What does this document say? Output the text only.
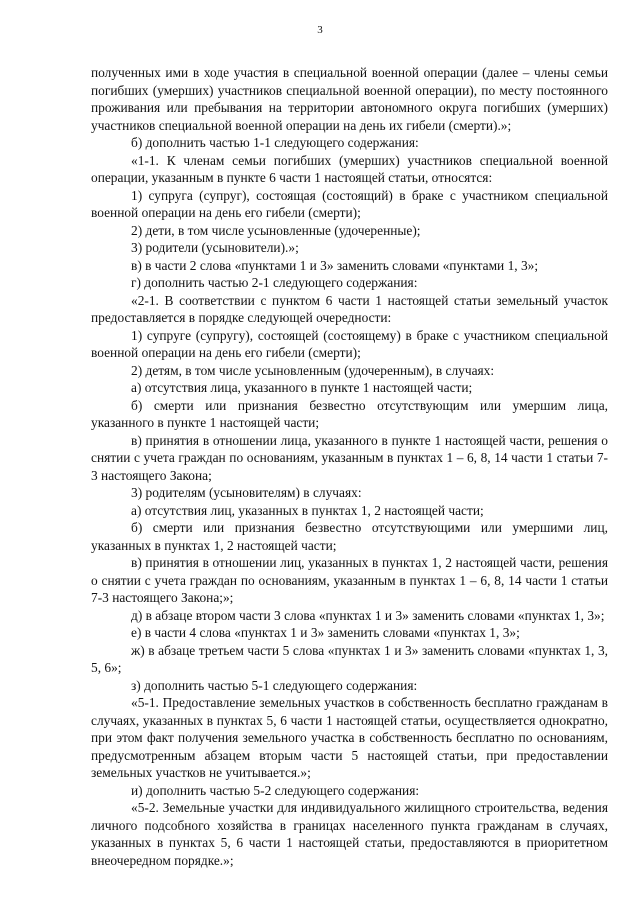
3

полученных ими в ходе участия в специальной военной операции (далее – члены семьи погибших (умерших) участников специальной военной операции), по месту постоянного проживания или пребывания на территории автономного округа погибших (умерших) участников специальной военной операции на день их гибели (смерти).»;

б) дополнить частью 1-1 следующего содержания:

«1-1. К членам семьи погибших (умерших) участников специальной военной операции, указанным в пункте 6 части 1 настоящей статьи, относятся:

1) супруга (супруг), состоящая (состоящий) в браке с участником специальной военной операции на день его гибели (смерти);

2) дети, в том числе усыновленные (удочеренные);

3) родители (усыновители).»;

в) в части 2 слова «пунктами 1 и 3» заменить словами «пунктами 1, 3»;

г) дополнить частью 2-1 следующего содержания:

«2-1. В соответствии с пунктом 6 части 1 настоящей статьи земельный участок предоставляется в порядке следующей очередности:

1) супруге (супругу), состоящей (состоящему) в браке с участником специальной военной операции на день его гибели (смерти);

2) детям, в том числе усыновленным (удочеренным), в случаях:

а) отсутствия лица, указанного в пункте 1 настоящей части;

б) смерти или признания безвестно отсутствующим или умершим лица, указанного в пункте 1 настоящей части;

в) принятия в отношении лица, указанного в пункте 1 настоящей части, решения о снятии с учета граждан по основаниям, указанным в пунктах 1 – 6, 8, 14 части 1 статьи 7-3 настоящего Закона;

3) родителям (усыновителям) в случаях:

а) отсутствия лиц, указанных в пунктах 1, 2 настоящей части;

б) смерти или признания безвестно отсутствующими или умершими лиц, указанных в пунктах 1, 2 настоящей части;

в) принятия в отношении лиц, указанных в пунктах 1, 2 настоящей части, решения о снятии с учета граждан по основаниям, указанным в пунктах 1 – 6, 8, 14 части 1 статьи 7-3 настоящего Закона;»;

д) в абзаце втором части 3 слова «пунктах 1 и 3» заменить словами «пунктах 1, 3»;

е) в части 4 слова «пунктах 1 и 3» заменить словами «пунктах 1, 3»;

ж) в абзаце третьем части 5 слова «пунктах 1 и 3» заменить словами «пунктах 1, 3, 5, 6»;

з) дополнить частью 5-1 следующего содержания:

«5-1. Предоставление земельных участков в собственность бесплатно гражданам в случаях, указанных в пунктах 5, 6 части 1 настоящей статьи, осуществляется однократно, при этом факт получения земельного участка в собственность бесплатно по основаниям, предусмотренным абзацем вторым части 5 настоящей статьи, при предоставлении земельных участков не учитывается.»;

и) дополнить частью 5-2 следующего содержания:

«5-2. Земельные участки для индивидуального жилищного строительства, ведения личного подсобного хозяйства в границах населенного пункта гражданам в случаях, указанных в пунктах 5, 6 части 1 настоящей статьи, предоставляются в приоритетном внеочередном порядке.»;
